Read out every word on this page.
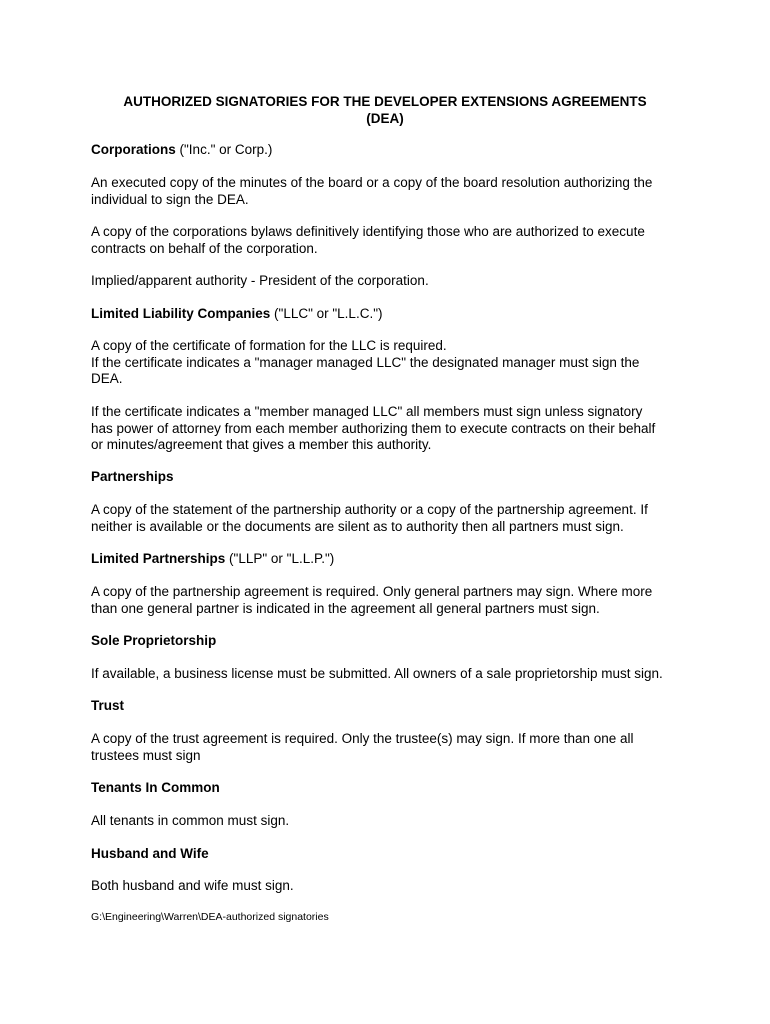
AUTHORIZED SIGNATORIES FOR THE DEVELOPER EXTENSIONS AGREEMENTS
(DEA)
Corporations ("Inc." or Corp.)
An executed copy of the minutes of the board or a copy of the board resolution authorizing the
individual to sign the DEA.
A copy of the corporations bylaws definitively identifying those who are authorized to execute
contracts on behalf of the corporation.
Implied/apparent authority - President of the corporation.
Limited Liability Companies ("LLC" or "L.L.C.")
A copy of the certificate of formation for the LLC is required.
If the certificate indicates a "manager managed LLC" the designated manager must sign the
DEA.
If the certificate indicates a "member managed LLC" all members must sign unless signatory
has power of attorney from each member authorizing them to execute contracts on their behalf
or minutes/agreement that gives a member this authority.
Partnerships
A copy of the statement of the partnership authority or a copy of the partnership agreement. If
neither is available or the documents are silent as to authority then all partners must sign.
Limited Partnerships ("LLP" or "L.L.P.")
A copy of the partnership agreement is required. Only general partners may sign. Where more
than one general partner is indicated in the agreement all general partners must sign.
Sole Proprietorship
If available, a business license must be submitted. All owners of a sale proprietorship must sign.
Trust
A copy of the trust agreement is required. Only the trustee(s) may sign. If more than one all
trustees must sign
Tenants In Common
All tenants in common must sign.
Husband and Wife
Both husband and wife must sign.
G:\Engineering\Warren\DEA-authorized signatories
